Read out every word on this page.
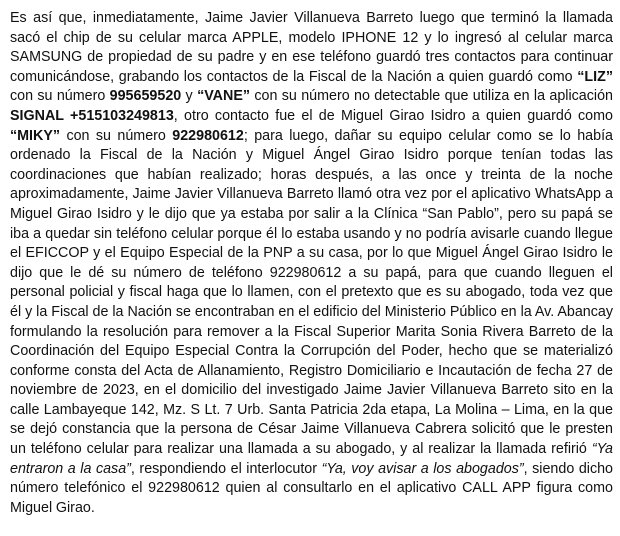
Es así que, inmediatamente, Jaime Javier Villanueva Barreto luego que terminó la llamada sacó el chip de su celular marca APPLE, modelo IPHONE 12 y lo ingresó al celular marca SAMSUNG de propiedad de su padre y en ese teléfono guardó tres contactos para continuar comunicándose, grabando los contactos de la Fiscal de la Nación a quien guardó como “LIZ” con su número 995659520 y “VANE” con su número no detectable que utiliza en la aplicación SIGNAL +515103249813, otro contacto fue el de Miguel Girao Isidro a quien guardó como “MIKY” con su número 922980612; para luego, dañar su equipo celular como se lo había ordenado la Fiscal de la Nación y Miguel Ángel Girao Isidro porque tenían todas las coordinaciones que habían realizado; horas después, a las once y treinta de la noche aproximadamente, Jaime Javier Villanueva Barreto llamó otra vez por el aplicativo WhatsApp a Miguel Girao Isidro y le dijo que ya estaba por salir a la Clínica “San Pablo”, pero su papá se iba a quedar sin teléfono celular porque él lo estaba usando y no podría avisarle cuando llegue el EFICCOP y el Equipo Especial de la PNP a su casa, por lo que Miguel Ángel Girao Isidro le dijo que le dé su número de teléfono 922980612 a su papá, para que cuando lleguen el personal policial y fiscal haga que lo llamen, con el pretexto que es su abogado, toda vez que él y la Fiscal de la Nación se encontraban en el edificio del Ministerio Público en la Av. Abancay formulando la resolución para remover a la Fiscal Superior Marita Sonia Rivera Barreto de la Coordinación del Equipo Especial Contra la Corrupción del Poder, hecho que se materializó conforme consta del Acta de Allanamiento, Registro Domiciliario e Incautación de fecha 27 de noviembre de 2023, en el domicilio del investigado Jaime Javier Villanueva Barreto sito en la calle Lambayeque 142, Mz. S Lt. 7 Urb. Santa Patricia 2da etapa, La Molina – Lima, en la que se dejó constancia que la persona de César Jaime Villanueva Cabrera solicitó que le presten un teléfono celular para realizar una llamada a su abogado, y al realizar la llamada refirió “Ya entraron a la casa”, respondiendo el interlocutor “Ya, voy avisar a los abogados”, siendo dicho número telefónico el 922980612 quien al consultarlo en el aplicativo CALL APP figura como Miguel Girao.
